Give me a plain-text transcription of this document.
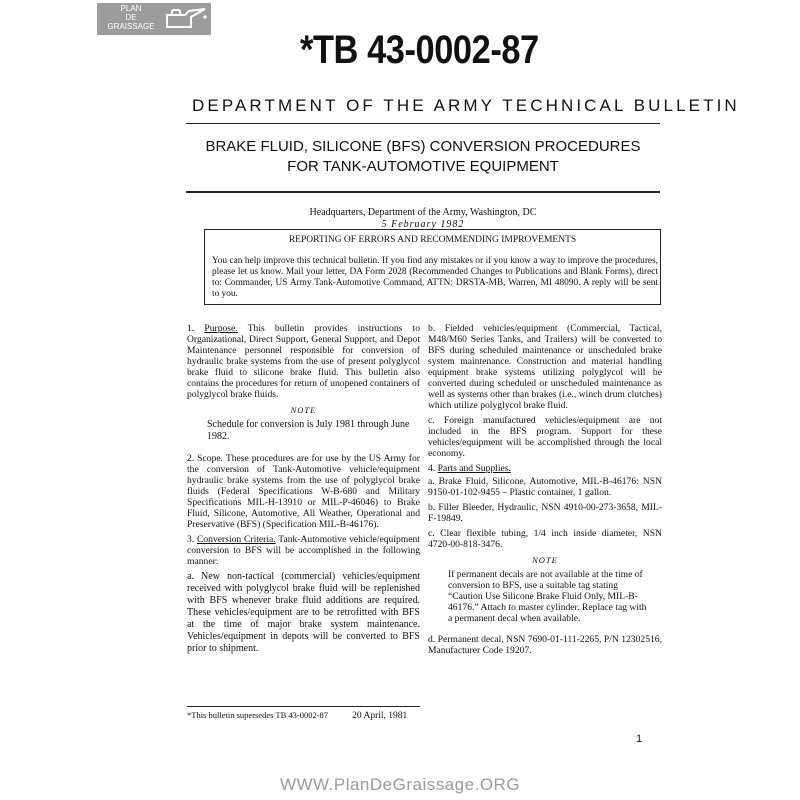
PLAN
DE
GRAISSAGE
*TB 43-0002-87
DEPARTMENT OF THE ARMY TECHNICAL BULLETIN
BRAKE FLUID, SILICONE (BFS) CONVERSION PROCEDURES
FOR TANK-AUTOMOTIVE EQUIPMENT
Headquarters, Department of the Army, Washington, DC
5 February 1982
REPORTING OF ERRORS AND RECOMMENDING IMPROVEMENTS
You can help improve this technical bulletin. If you find any mistakes or if you know a way to improve the procedures, please let us know. Mail your letter, DA Form 2028 (Recommended Changes to Publications and Blank Forms), direct to: Commander, US Army Tank-Automotive Command, ATTN: DRSTA-MB, Warren, MI 48090. A reply will be sent to you.

1. Purpose. This bulletin provides instructions to Organizational, Direct Support, General Support, and Depot Maintenance personnel responsible for conversion of hydraulic brake systems from the use of present polyglycol brake fluid to silicone brake fluid. This bulletin also contains the procedures for return of unopened containers of polyglycol brake fluids.

NOTE

Schedule for conversion is July 1981 through June 1982.

2. Scope. These procedures are for use by the US Army for the conversion of Tank-Automotive vehicle/equipment hydraulic brake systems from the use of polyglycol brake fluids (Federal Specifications W-B-680 and Military Specifications MIL-H-13910 or MIL-P-46046) to Brake Fluid, Silicone, Automotive, All Weather, Operational and Preservative (BFS) (Specification MIL-B-46176).

3. Conversion Criteria. Tank-Automotive vehicle/equipment conversion to BFS will be accomplished in the following manner:

a. New non-tactical (commercial) vehicles/equipment received with polyglycol brake fluid will be replenished with BFS whenever brake fluid additions are required. These vehicles/equipment are to be retrofitted with BFS at the time of major brake system maintenance. Vehicles/equipment in depots will be converted to BFS prior to shipment.

*This bulletin supersedes TB 43-0002-87	20 April, 1981

b. Fielded vehicles/equipment (Commercial, Tactical, M48/M60 Series Tanks, and Trailers) will be converted to BFS during scheduled maintenance or unscheduled brake system maintenance. Construction and material handling equipment brake systems utilizing polyglycol will be converted during scheduled or unscheduled maintenance as well as systems other than brakes (i.e., winch drum clutches) which utilize polyglycol brake fluid.

c. Foreign manufactured vehicles/equipment are not included in the BFS program. Support for these vehicles/equipment will be accomplished through the local economy.

4. Parts and Supplies.

a. Brake Fluid, Silicone, Automotive, MIL-B-46176: NSN 9150-01-102-9455 – Plastic container, 1 gallon.

b. Filler Bleeder, Hydraulic, NSN 4910-00-273-3658, MIL-F-19849.

c. Clear flexible tubing, 1/4 inch inside diameter, NSN 4720-00-818-3476.

NOTE

If permanent decals are not available at the time of conversion to BFS, use a suitable tag stating “Caution Use Silicone Brake Fluid Only, MIL-B-46176.” Attach to master cylinder. Replace tag with a permanent decal when available.

d. Permanent decal, NSN 7690-01-111-2265, P/N 12302516, Manufacturer Code 19207.

1
WWW.PlanDeGraissage.ORG
